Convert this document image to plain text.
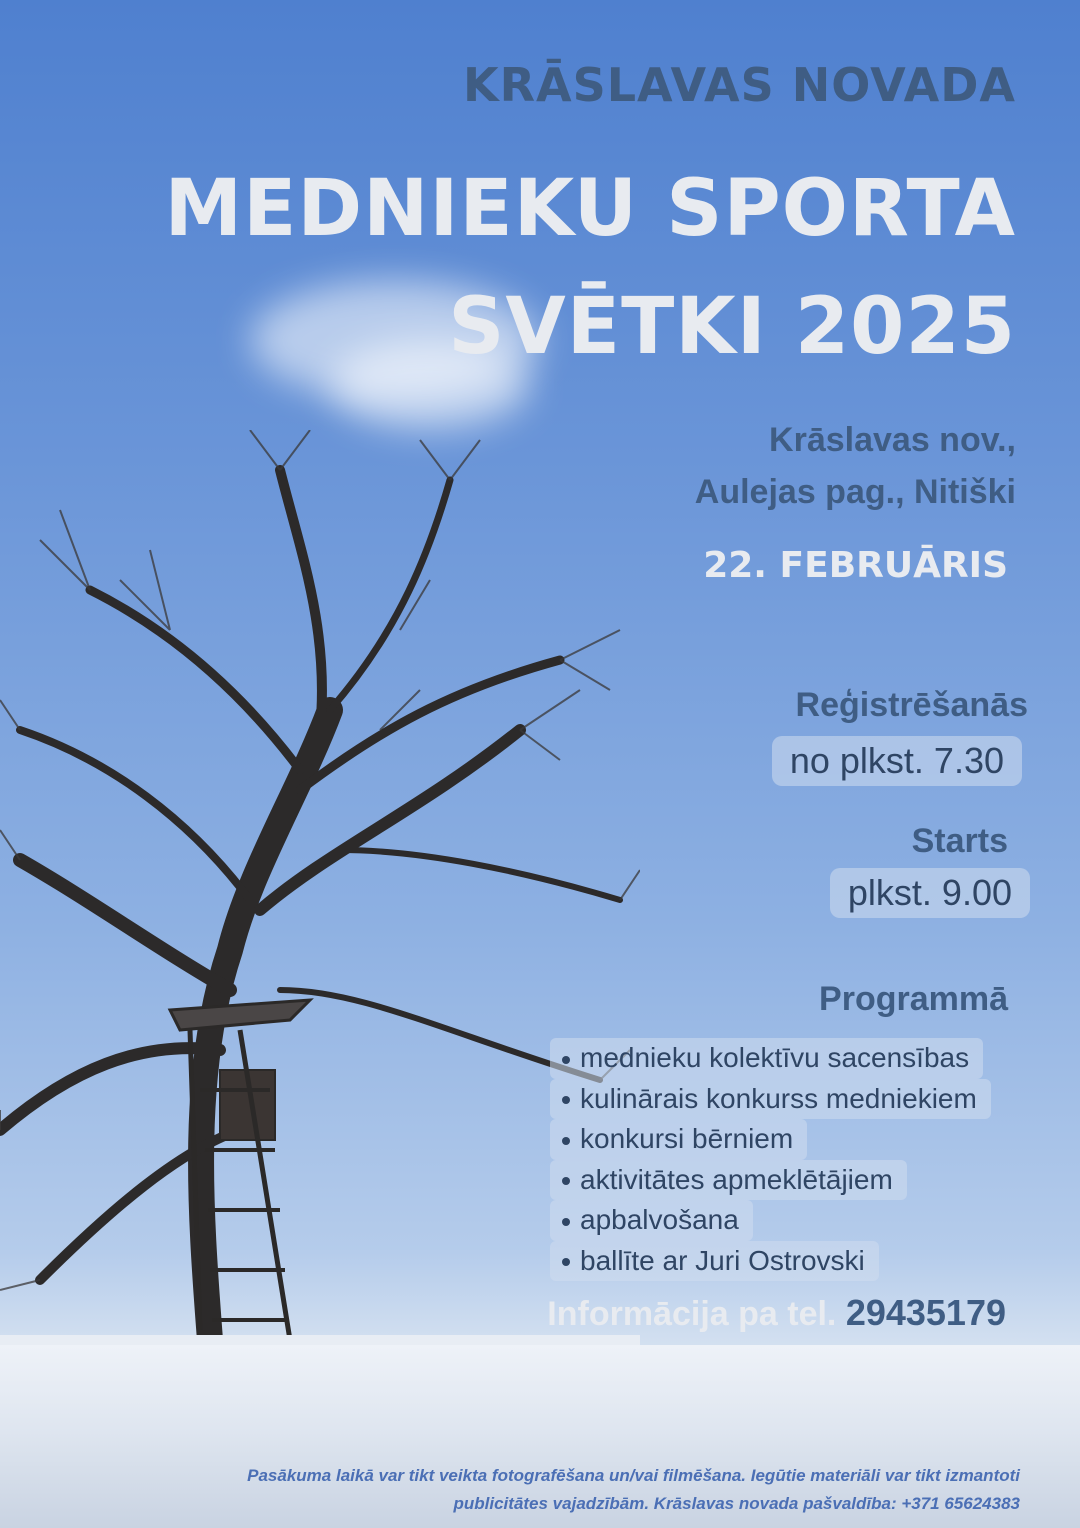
KRĀSLAVAS NOVADA
MEDNIEKU SPORTA
SVĒTKI 2025
Krāslavas nov.,
Aulejas pag., Nitiški
22. FEBRUĀRIS
Reģistrēšanās
no plkst. 7.30
Starts
plkst. 9.00
Programmā
mednieku kolektīvu sacensības
kulinārais konkurss medniekiem
konkursi bērniem
aktivitātes apmeklētājiem
apbalvošana
ballīte ar Juri Ostrovski
Informācija pa tel. 29435179
Pasākuma laikā var tikt veikta fotografēšana un/vai filmēšana. Iegūtie materiāli var tikt izmantoti
publicitātes vajadzībām. Krāslavas novada pašvaldība: +371 65624383
